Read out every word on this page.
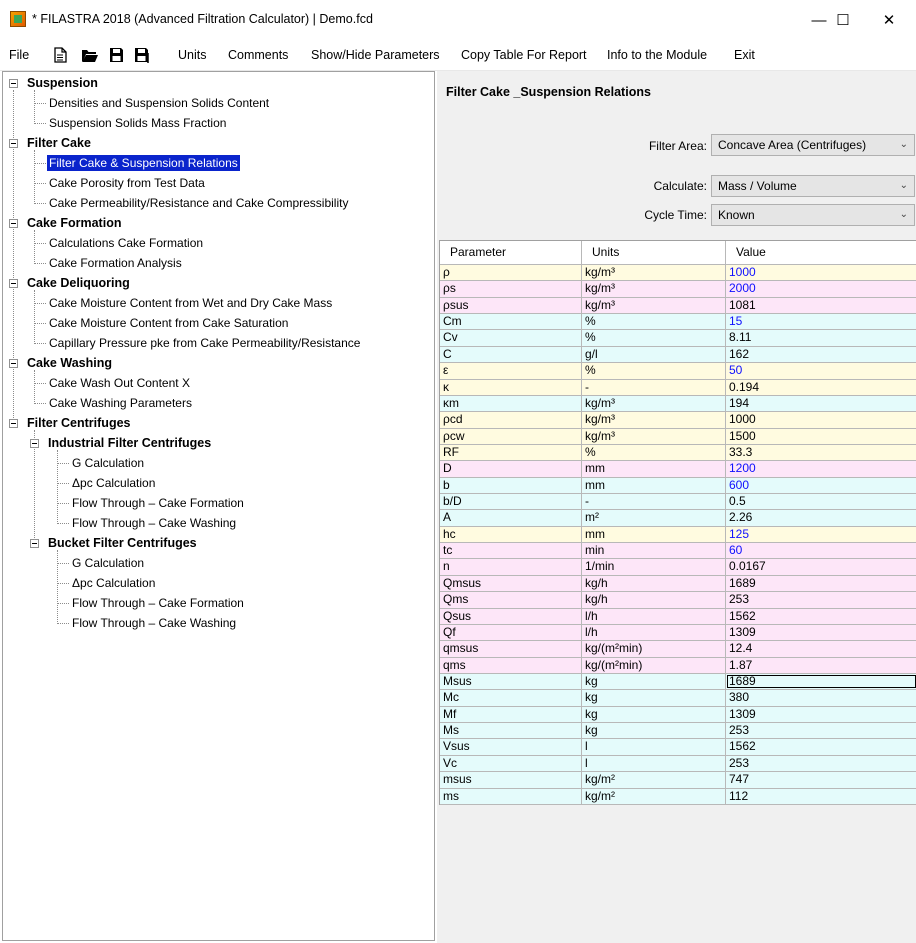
* FILASTRA 2018 (Advanced Filtration Calculator) | Demo.fcd	— ☐	✕
File	Units Comments Show/Hide Parameters Copy Table For Report Info to the Module Exit
Suspension
Densities and Suspension Solids Content
Suspension Solids Mass Fraction
Filter Cake
Filter Cake & Suspension Relations
Cake Porosity from Test Data
Cake Permeability/Resistance and Cake Compressibility
Cake Formation
Calculations Cake Formation
Cake Formation Analysis
Cake Deliquoring
Cake Moisture Content from Wet and Dry Cake Mass
Cake Moisture Content from Cake Saturation
Capillary Pressure pke from Cake Permeability/Resistance
Cake Washing
Cake Wash Out Content X
Cake Washing Parameters
Filter Centrifuges
Industrial Filter Centrifuges
G Calculation
Δpc Calculation
Flow Through – Cake Formation
Flow Through – Cake Washing
Bucket Filter Centrifuges
G Calculation
Δpc Calculation
Flow Through – Cake Formation
Flow Through – Cake Washing
Filter Cake _Suspension Relations
Filter Area: Concave Area (Centrifuges)	⌄
Calculate: Mass / Volume	⌄
Cycle Time: Known	⌄
Parameter	Units	Value
ρ	kg/m³	1000
ρs	kg/m³	2000
ρsus	kg/m³	1081
Cm	%	15
Cv	%	8.11
C	g/l	162
ε	%	50
κ	-	0.194
κm	kg/m³	194
ρcd	kg/m³	1000
ρcw	kg/m³	1500
RF	%	33.3
D	mm	1200
b	mm	600
b/D	-	0.5
A	m²	2.26
hc	mm	125
tc	min	60
n	1/min	0.0167
Qmsus	kg/h	1689
Qms	kg/h	253
Qsus	l/h	1562
Qf	l/h	1309
qmsus	kg/(m²min)	12.4
qms	kg/(m²min)	1.87
Msus	kg	1689
Mc	kg	380
Mf	kg	1309
Ms	kg	253
Vsus	l	1562
Vc	l	253
msus	kg/m²	747
ms	kg/m²	112
